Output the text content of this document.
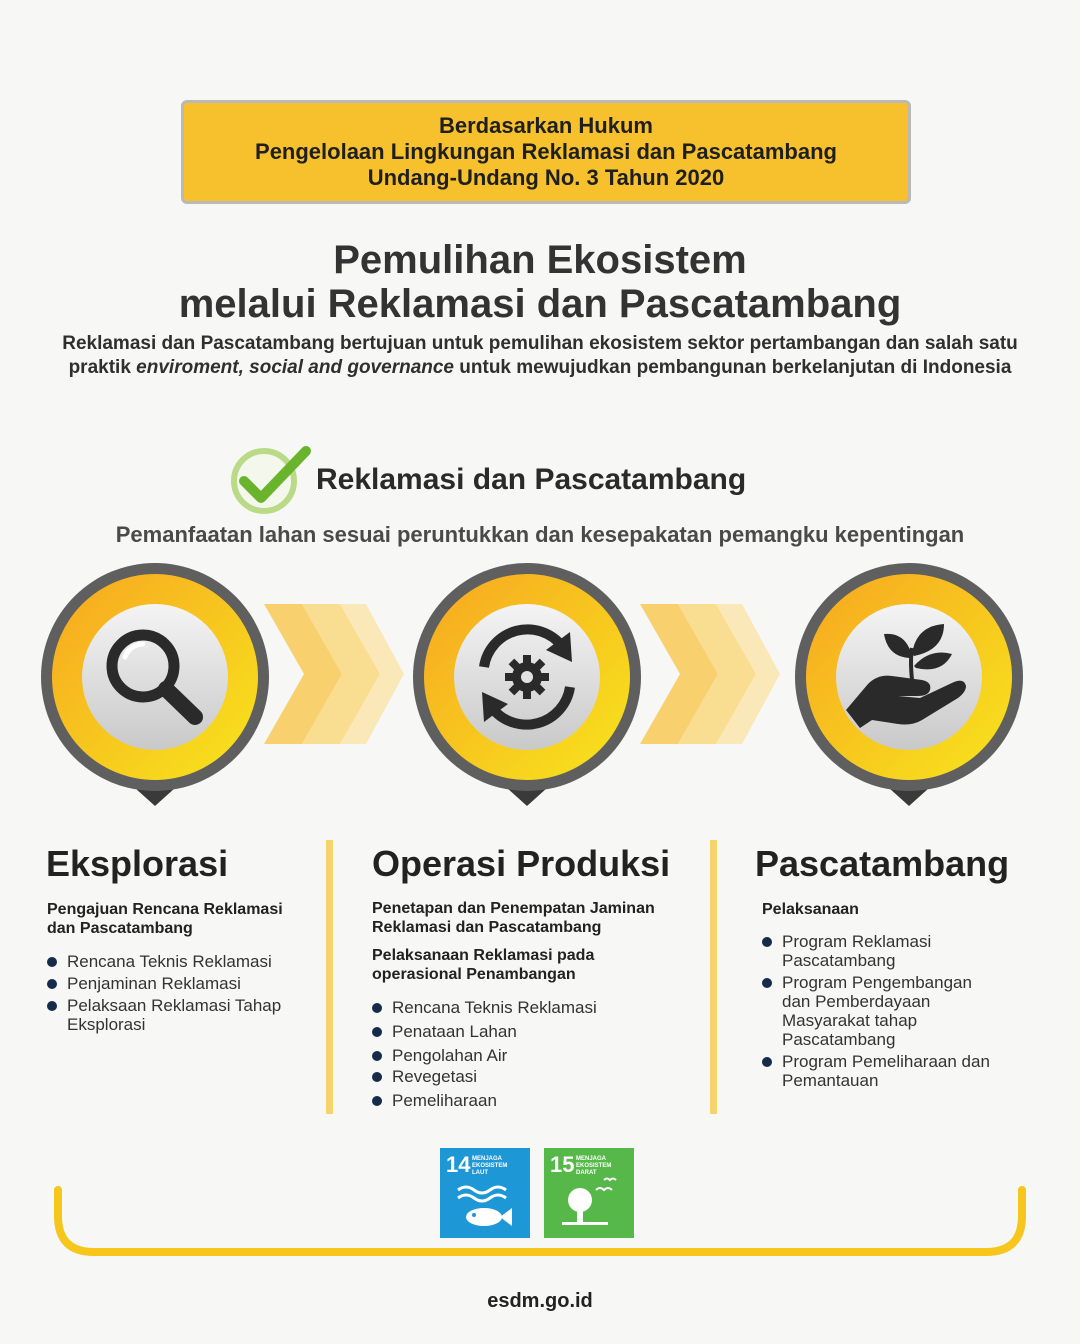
Berdasarkan Hukum
Pengelolaan Lingkungan Reklamasi dan Pascatambang
Undang-Undang No. 3 Tahun 2020
Pemulihan Ekosistem
melalui Reklamasi dan Pascatambang
Reklamasi dan Pascatambang bertujuan untuk pemulihan ekosistem sektor pertambangan dan salah satu praktik enviroment, social and governance untuk mewujudkan pembangunan berkelanjutan di Indonesia
Reklamasi dan Pascatambang
Pemanfaatan lahan sesuai peruntukkan dan kesepakatan pemangku kepentingan
Eksplorasi
Pengajuan Rencana Reklamasi dan Pascatambang
Rencana Teknis Reklamasi
Penjaminan Reklamasi
Pelaksaan Reklamasi Tahap Eksplorasi
Operasi Produksi
Penetapan dan Penempatan Jaminan Reklamasi dan Pascatambang
Pelaksanaan Reklamasi pada operasional Penambangan
Rencana Teknis Reklamasi
Penataan Lahan
Pengolahan Air
Revegetasi
Pemeliharaan
Pascatambang
Pelaksanaan
Program Reklamasi Pascatambang
Program Pengembangan dan Pemberdayaan Masyarakat tahap Pascatambang
Program Pemeliharaan dan Pemantauan
14 MENJAGA EKOSISTEM LAUT	15 MENJAGA EKOSISTEM DARAT
esdm.go.id
